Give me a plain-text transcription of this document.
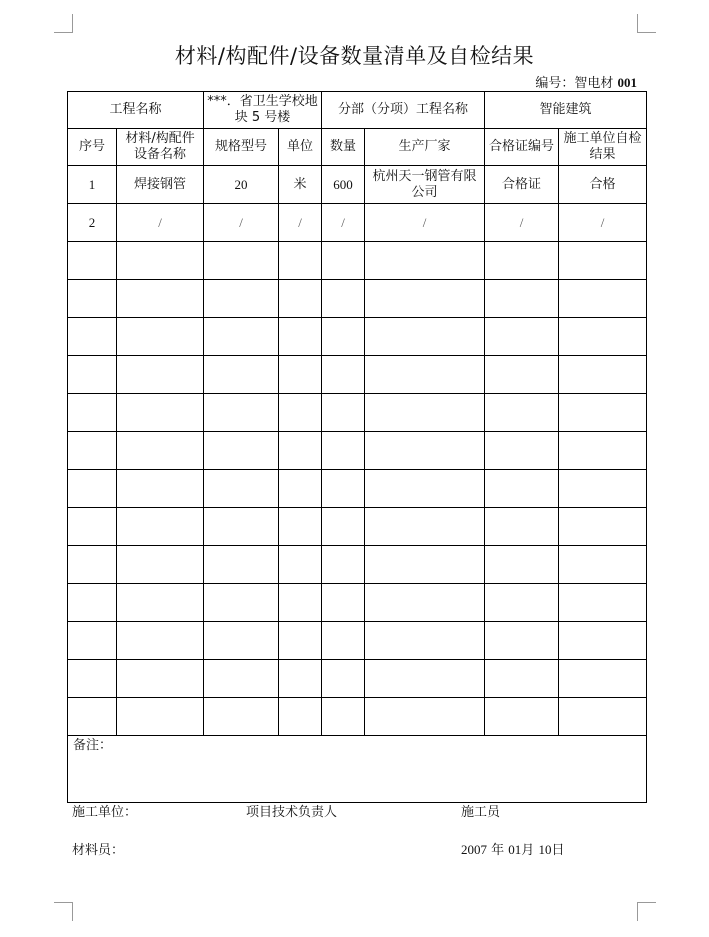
材料/构配件/设备数量清单及自检结果
编号：智电材 001
工程名称		***．省卫生学校地块 5 号楼		分部（分项）工程名称		智能建筑	
序号	材料/构配件设备名称	规格型号	单位	数量	生产厂家	合格证编号	施工单位自检结果
1	焊接钢管	20	米	600	杭州天一钢管有限公司	合格证	合格
2	/	/	/	/	/	/	/

备注：							
施工单位：	项目技术负责人	施工员
材料员：	2007 年 01月 10日
